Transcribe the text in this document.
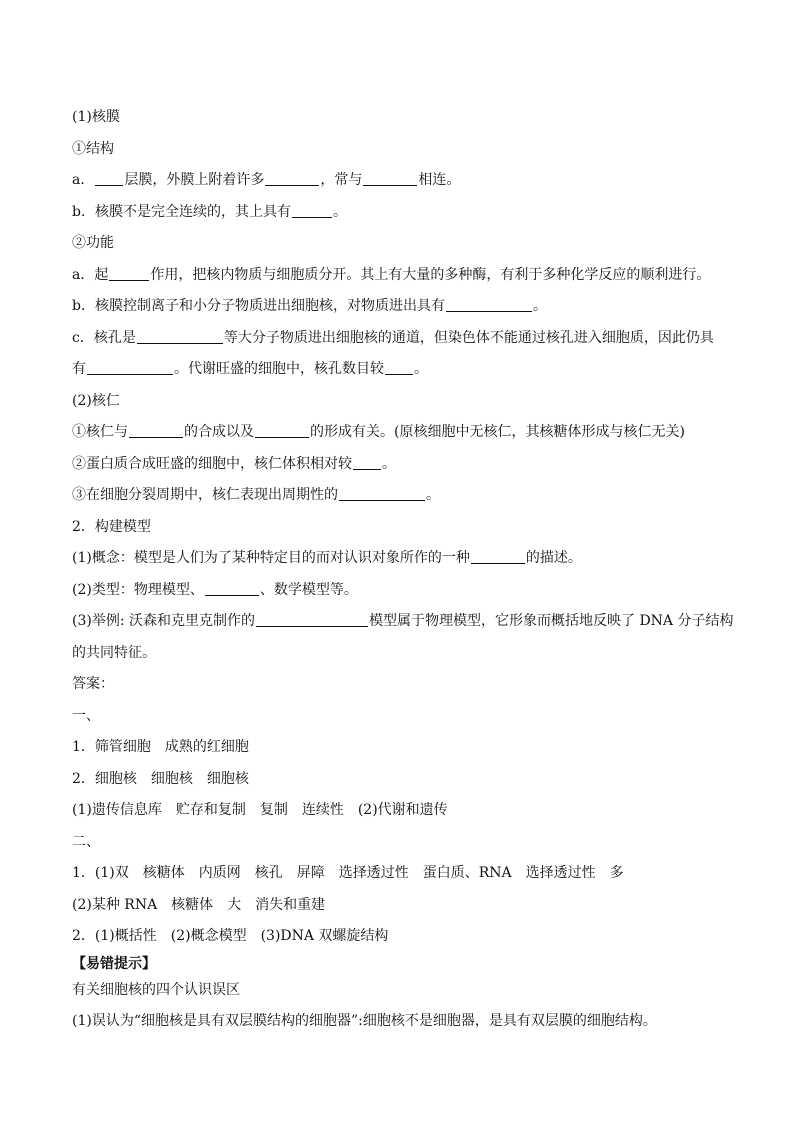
(1)核膜
①结构
a． 层膜，外膜上附着许多	，常与	相连。
b．核膜不是完全连续的，其上具有	。
②功能
a．起	作用，把核内物质与细胞质分开。其上有大量的多种酶，有利于多种化学反应的顺利进行。
b．核膜控制离子和小分子物质进出细胞核，对物质进出具有	。
c．核孔是	等大分子物质进出细胞核的通道，但染色体不能通过核孔进入细胞质，因此仍具
有	。代谢旺盛的细胞中，核孔数目较 。
(2)核仁
①核仁与	的合成以及	的形成有关。(原核细胞中无核仁，其核糖体形成与核仁无关)
②蛋白质合成旺盛的细胞中，核仁体积相对较 。
③在细胞分裂周期中，核仁表现出周期性的	。
2．构建模型
(1)概念：模型是人们为了某种特定目的而对认识对象所作的一种	的描述。
(2)类型：物理模型、	、数学模型等。
(3)举例: 沃森和克里克制作的	模型属于物理模型，它形象而概括地反映了 DNA 分子结构
的共同特征。
答案：
一、
1．筛管细胞　成熟的红细胞
2．细胞核　细胞核　细胞核
(1)遗传信息库　贮存和复制　复制　连续性　(2)代谢和遗传
二、
1．(1)双　核糖体　内质网　核孔　屏障　选择透过性　蛋白质、RNA　选择透过性　多
(2)某种 RNA　核糖体　大　消失和重建
2．(1)概括性　(2)概念模型　(3)DNA 双螺旋结构
【易错提示】
有关细胞核的四个认识误区
(1)误认为“细胞核是具有双层膜结构的细胞器”:细胞核不是细胞器，是具有双层膜的细胞结构。
